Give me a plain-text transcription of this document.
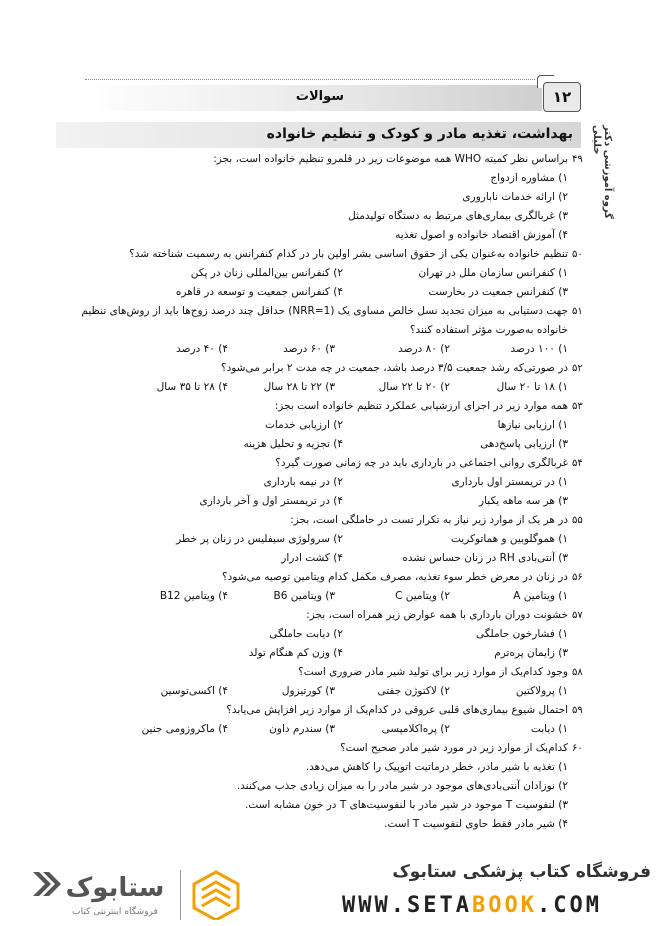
سوالات	۱۲
بهداشت، تغذیه مادر و کودک و تنظیم خانواده	گروه آموزشی دکتر خلیلی
۴۹
براساس نظر کمیته WHO همه موضوعات زیر در قلمرو تنظیم خانواده است، بجز:
۱) مشاوره ازدواج
۲) ارائه خدمات ناباروری
۳) غربالگری بیماری‌های مرتبط به دستگاه تولیدمثل
۴) آموزش اقتصاد خانواده و اصول تغذیه
۵۰
تنظیم خانواده به‌عنوان یکی از حقوق اساسی بشر اولین بار در کدام کنفرانس به رسمیت شناخته شد؟
۱) کنفرانس سازمان ملل در تهران
۲) کنفرانس بین‌المللی زنان در پکن
۳) کنفرانس جمعیت در بخارست
۴) کنفرانس جمعیت و توسعه در قاهره
۵۱
جهت دستیابی به میزان تجدید نسل خالص مساوی یک (NRR=1) حداقل چند درصد زوج‌ها باید از روش‌های تنظیم
خانواده به‌صورت مؤثر استفاده کنند؟
۱) ۱۰۰ درصد
۲) ۸۰ درصد
۳) ۶۰ درصد
۴) ۴۰ درصد
۵۲
در صورتی‌که رشد جمعیت ۳/۵ درصد باشد، جمعیت در چه مدت ۲ برابر می‌شود؟
۱) ۱۸ تا ۲۰ سال
۲) ۲۰ تا ۲۲ سال
۳) ۲۲ تا ۲۸ سال
۴) ۲۸ تا ۳۵ سال
۵۳
همه موارد زیر در اجرای ارزشیابی عملکرد تنظیم خانواده است بجز:
۱) ارزیابی نیازها
۲) ارزیابی خدمات
۳) ارزیابی پاسخ‌دهی
۴) تجزیه و تحلیل هزینه
۵۴
غربالگری روانی اجتماعی در بارداری باید در چه زمانی صورت گیرد؟
۱) در تریمستر اول بارداری
۲) در نیمه بارداری
۳) هر سه ماهه یکبار
۴) در تریمستر اول و آخر بارداری
۵۵
در هر یک از موارد زیر نیاز به تکرار تست در حاملگی است، بجز:
۱) هموگلوبین و هماتوکریت
۲) سرولوژی سیفلیس در زنان پر خطر
۳) آنتی‌بادی RH در زنان حساس نشده
۴) کشت ادرار
۵۶
در زنان در معرض خطر سوء تغذیه، مصرف مکمل کدام ویتامین توصیه می‌شود؟
۱) ویتامین A
۲) ویتامین C
۳) ویتامین B6
۴) ویتامین B12
۵۷
خشونت دوران بارداری با همه عوارض زیر همراه است، بجز:
۱) فشارخون حاملگی
۲) دیابت حاملگی
۳) زایمان پره‌ترم
۴) وزن کم هنگام تولد
۵۸
وجود کدام‌یک از موارد زیر برای تولید شیر مادر ضروری است؟
۱) پرولاکتین
۲) لاکتوژن جفتی
۳) کورتیزول
۴) اکسی‌توسین
۵۹
احتمال شیوع بیماری‌های قلبی عروقی در کدام‌یک از موارد زیر افزایش می‌یابد؟
۱) دیابت
۲) پره‌اکلامپسی
۳) سندرم داون
۴) ماکروزومی جنین
۶۰
کدام‌یک از موارد زیر در مورد شیر مادر صحیح است؟
۱) تغذیه با شیر مادر، خطر درماتیت اتوپیک را کاهش می‌دهد.
۲) نوزادان آنتی‌بادی‌های موجود در شیر مادر را به میزان زیادی جذب می‌کنند.
۳) لنفوسیت T موجود در شیر مادر با لنفوسیت‌های T در خون مشابه است.
۴) شیر مادر فقط حاوی لنفوسیت T است.
ستابوک
فروشگاه اینترنتی کتاب
فروشگاه کتاب پزشکی ستابوک
WWW.SETABOOK.COM
